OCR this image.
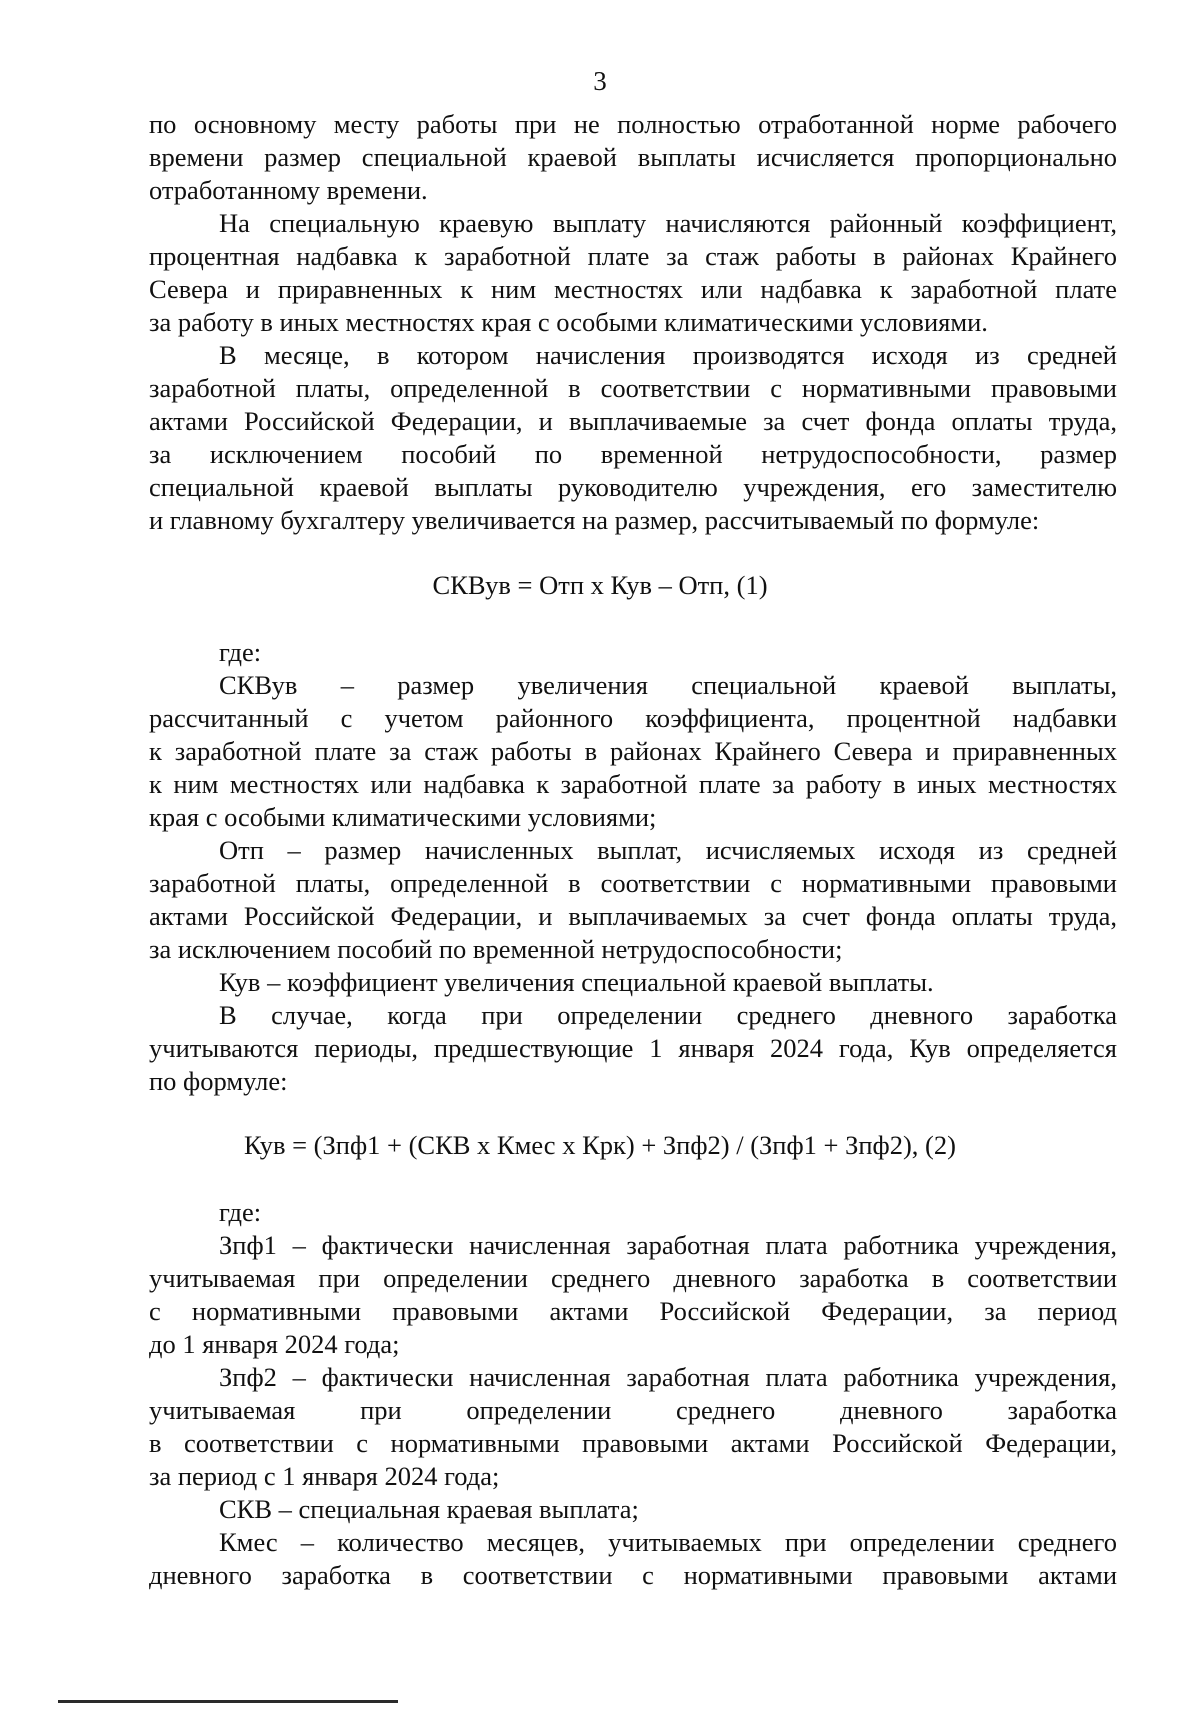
3
по основному месту работы при не полностью отработанной норме рабочего
времени размер специальной краевой выплаты исчисляется пропорционально
отработанному времени.
На специальную краевую выплату начисляются районный коэффициент,
процентная надбавка к заработной плате за стаж работы в районах Крайнего
Севера и приравненных к ним местностях или надбавка к заработной плате
за работу в иных местностях края с особыми климатическими условиями.
В месяце, в котором начисления производятся исходя из средней
заработной платы, определенной в соответствии с нормативными правовыми
актами Российской Федерации, и выплачиваемые за счет фонда оплаты труда,
за исключением пособий по временной нетрудоспособности, размер
специальной краевой выплаты руководителю учреждения, его заместителю
и главному бухгалтеру увеличивается на размер, рассчитываемый по формуле:
СКВув = Отп х Кув – Отп, (1)
где:
СКВув – размер увеличения специальной краевой выплаты,
рассчитанный с учетом районного коэффициента, процентной надбавки
к заработной плате за стаж работы в районах Крайнего Севера и приравненных
к ним местностях или надбавка к заработной плате за работу в иных местностях
края с особыми климатическими условиями;
Отп – размер начисленных выплат, исчисляемых исходя из средней
заработной платы, определенной в соответствии с нормативными правовыми
актами Российской Федерации, и выплачиваемых за счет фонда оплаты труда,
за исключением пособий по временной нетрудоспособности;
Кув – коэффициент увеличения специальной краевой выплаты.
В случае, когда при определении среднего дневного заработка
учитываются периоды, предшествующие 1 января 2024 года, Кув определяется
по формуле:
Кув = (Зпф1 + (СКВ х Кмес х Крк) + Зпф2) / (Зпф1 + Зпф2), (2)
где:
Зпф1 – фактически начисленная заработная плата работника учреждения,
учитываемая при определении среднего дневного заработка в соответствии
с нормативными правовыми актами Российской Федерации, за период
до 1 января 2024 года;
Зпф2 – фактически начисленная заработная плата работника учреждения,
учитываемая при определении среднего дневного заработка
в соответствии с нормативными правовыми актами Российской Федерации,
за период с 1 января 2024 года;
СКВ – специальная краевая выплата;
Кмес – количество месяцев, учитываемых при определении среднего
дневного заработка в соответствии с нормативными правовыми актами
